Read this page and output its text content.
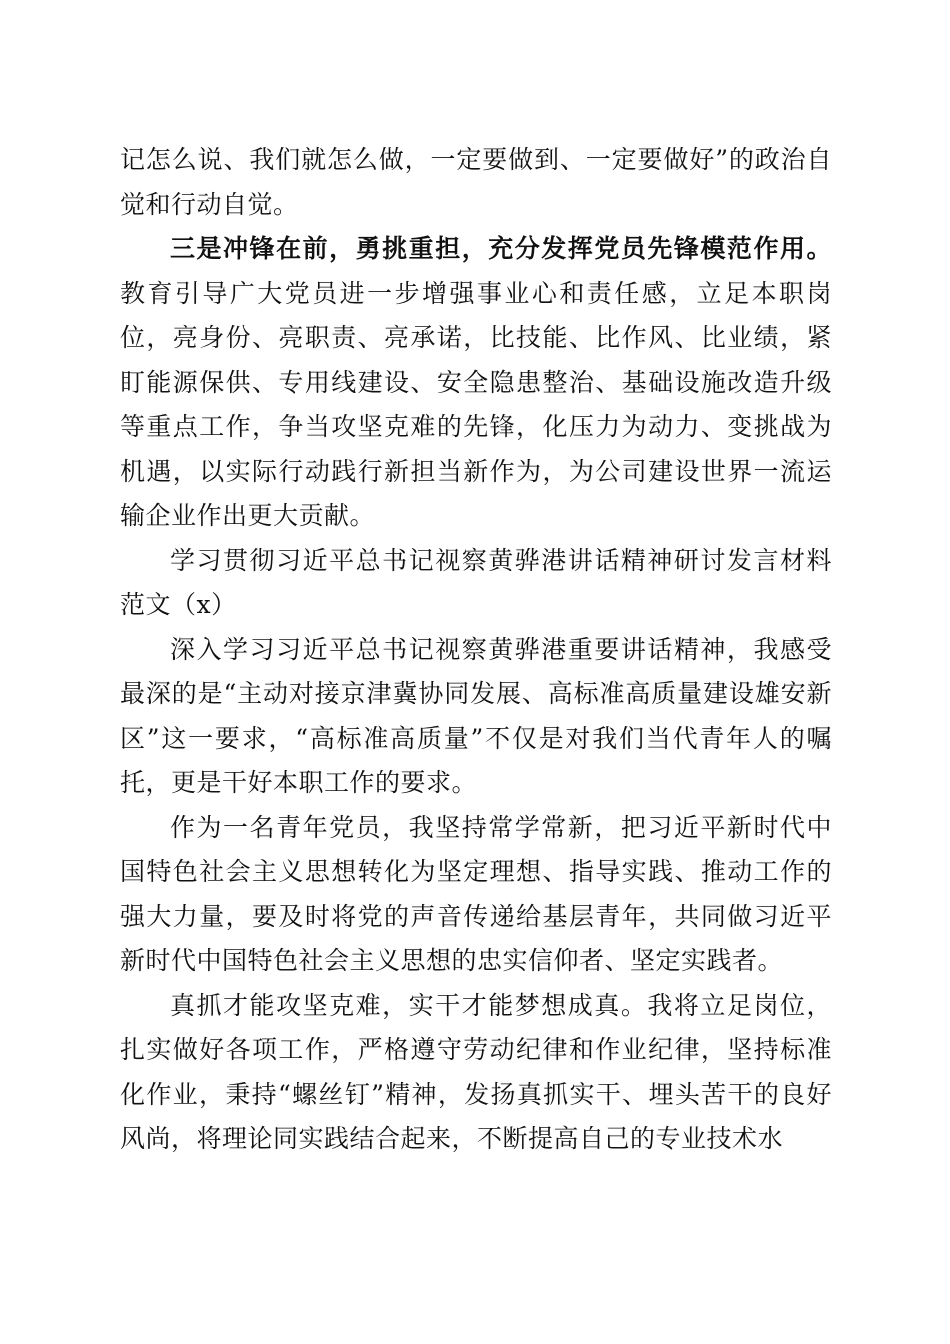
记怎么说、我们就怎么做，一定要做到、一定要做好”的政治自觉和行动自觉。

三是冲锋在前，勇挑重担，充分发挥党员先锋模范作用。教育引导广大党员进一步增强事业心和责任感，立足本职岗位，亮身份、亮职责、亮承诺，比技能、比作风、比业绩，紧盯能源保供、专用线建设、安全隐患整治、基础设施改造升级等重点工作，争当攻坚克难的先锋，化压力为动力、变挑战为机遇，以实际行动践行新担当新作为，为公司建设世界一流运输企业作出更大贡献。

学习贯彻习近平总书记视察黄骅港讲话精神研讨发言材料范文（x）

深入学习习近平总书记视察黄骅港重要讲话精神，我感受最深的是“主动对接京津冀协同发展、高标准高质量建设雄安新区”这一要求，“高标准高质量”不仅是对我们当代青年人的嘱托，更是干好本职工作的要求。

作为一名青年党员，我坚持常学常新，把习近平新时代中国特色社会主义思想转化为坚定理想、指导实践、推动工作的强大力量，要及时将党的声音传递给基层青年，共同做习近平新时代中国特色社会主义思想的忠实信仰者、坚定实践者。

真抓才能攻坚克难，实干才能梦想成真。我将立足岗位，扎实做好各项工作，严格遵守劳动纪律和作业纪律，坚持标准化作业，秉持“螺丝钉”精神，发扬真抓实干、埋头苦干的良好风尚，将理论同实践结合起来，不断提高自己的专业技术水
